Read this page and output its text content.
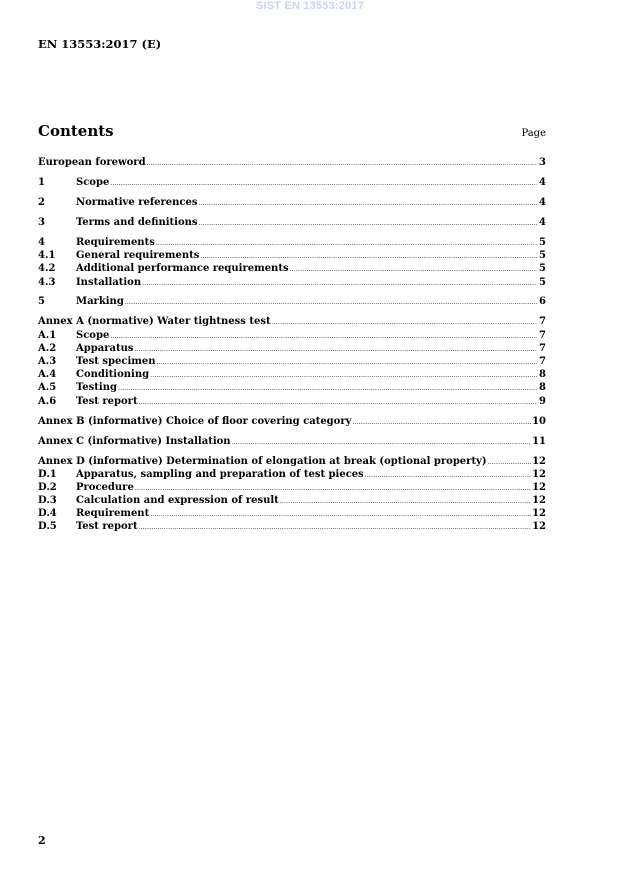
SIST EN 13553:2017
EN 13553:2017 (E)
Contents	Page
European foreword .....	3
1	Scope .....	4
2	Normative references .....	4
3	Terms and definitions .....	4
4	Requirements .....	5
4.1	General requirements .....	5
4.2	Additional performance requirements .....	5
4.3	Installation .....	5
5	Marking .....	6
Annex A (normative) Water tightness test .....	7
A.1	Scope .....	7
A.2	Apparatus .....	7
A.3	Test specimen .....	7
A.4	Conditioning .....	8
A.5	Testing .....	8
A.6	Test report .....	9
Annex B (informative) Choice of floor covering category .....	10
Annex C (informative) Installation .....	11
Annex D (informative) Determination of elongation at break (optional property) .....	12
D.1	Apparatus, sampling and preparation of test pieces .....	12
D.2	Procedure .....	12
D.3	Calculation and expression of result .....	12
D.4	Requirement .....	12
D.5	Test report .....	12
2
